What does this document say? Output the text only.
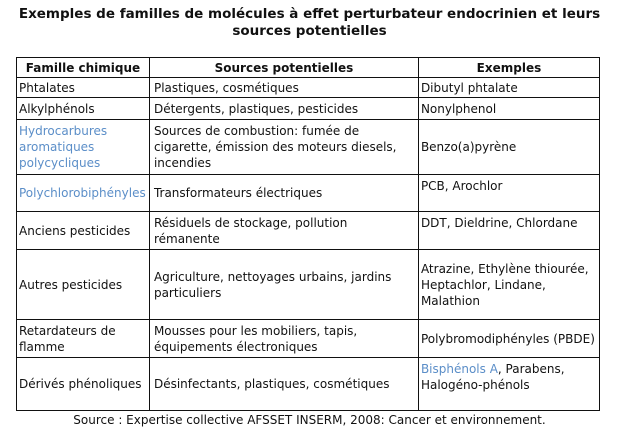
Exemples de familles de molécules à effet perturbateur endocrinien et leurs
sources potentielles
Famille chimique	Sources potentielles	Exemples
Phtalates	Plastiques, cosmétiques	Dibutyl phtalate
Alkylphénols	Détergents, plastiques, pesticides	Nonylphenol
Hydrocarbures aromatiques polycycliques	Sources de combustion: fumée de cigarette, émission des moteurs diesels, incendies	Benzo(a)pyrène
Polychlorobiphényles	Transformateurs électriques	PCB, Arochlor
Anciens pesticides	Résiduels de stockage, pollution rémanente	DDT, Dieldrine, Chlordane
Autres pesticides	Agriculture, nettoyages urbains, jardins particuliers	Atrazine, Ethylène thiourée, Heptachlor, Lindane, Malathion
Retardateurs de flamme	Mousses pour les mobiliers, tapis, équipements électroniques	Polybromodiphényles (PBDE)
Dérivés phénoliques	Désinfectants, plastiques, cosmétiques	Bisphénols A, Parabens, Halogéno-phénols
Source : Expertise collective AFSSET INSERM, 2008: Cancer et environnement.
